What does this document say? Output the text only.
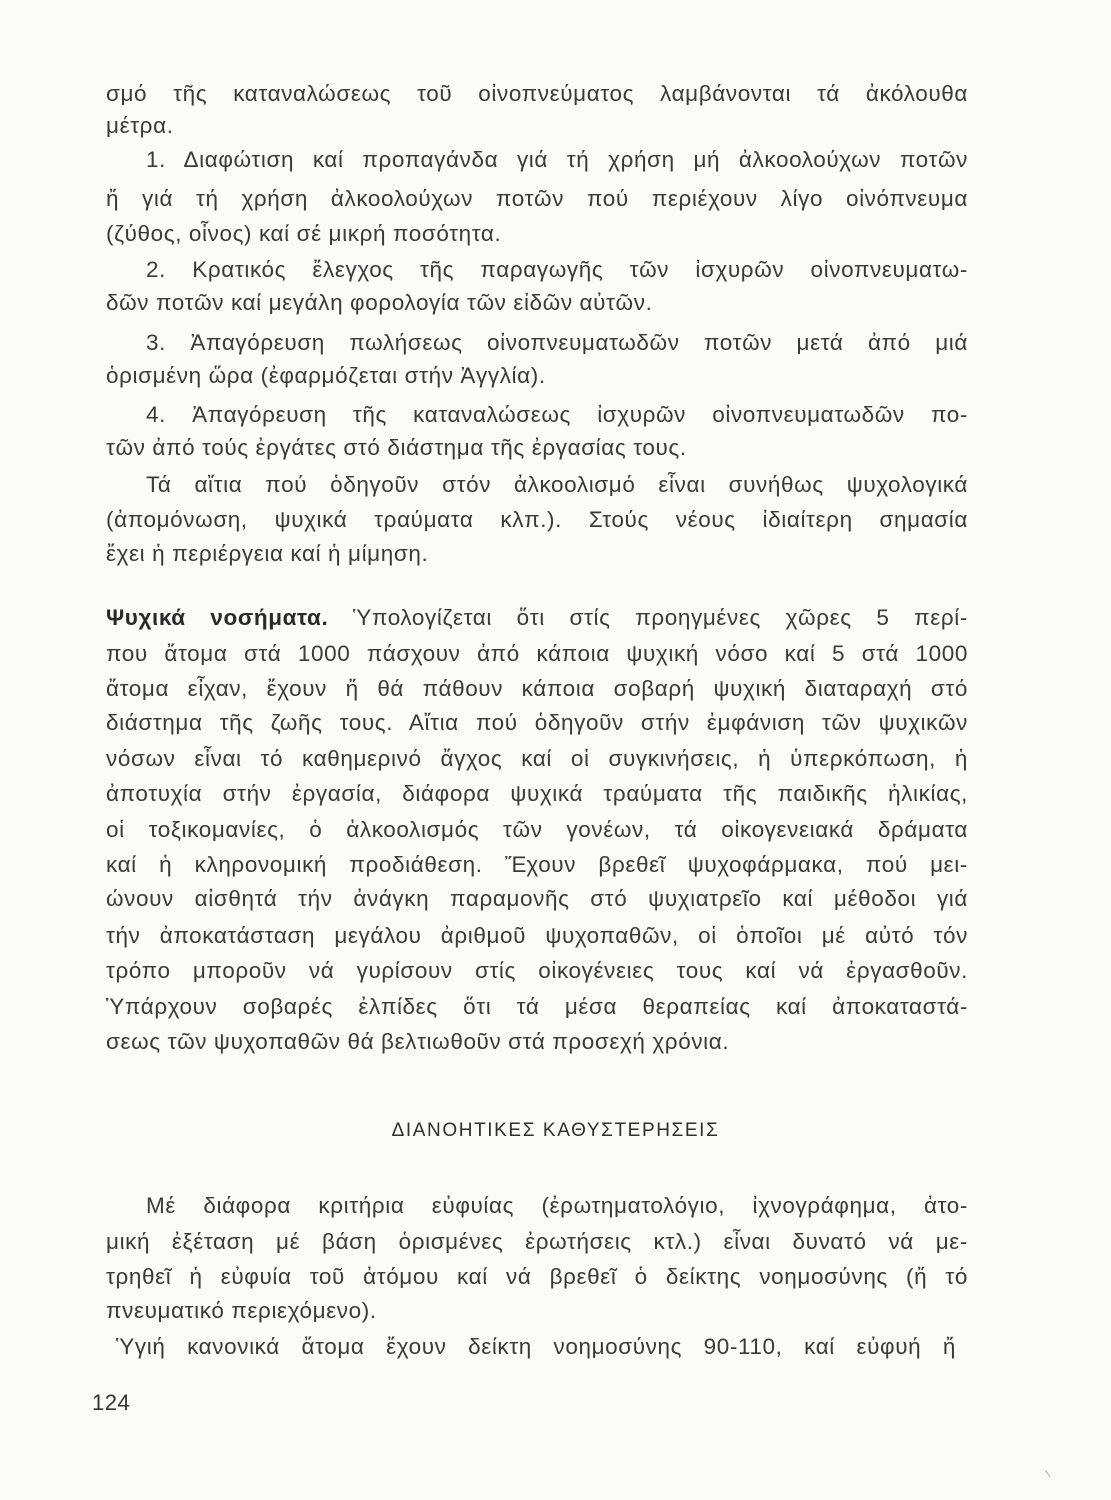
σμό τῆς καταναλώσεως τοῦ οἰνοπνεύματος λαμβάνονται τά ἀκόλουθα
μέτρα.
1. Διαφώτιση καί προπαγάνδα γιά τή χρήση μή ἀλκοολούχων ποτῶν
ἤ γιά τή χρήση ἀλκοολούχων ποτῶν πού περιέχουν λίγο οἰνόπνευμα
(ζύθος, οἶνος) καί σέ μικρή ποσότητα.
2. Κρατικός ἔλεγχος τῆς παραγωγῆς τῶν ἰσχυρῶν οἰνοπνευματω-
δῶν ποτῶν καί μεγάλη φορολογία τῶν εἰδῶν αὐτῶν.
3. Ἀπαγόρευση πωλήσεως οἰνοπνευματωδῶν ποτῶν μετά ἀπό μιά
ὁρισμένη ὥρα (ἐφαρμόζεται στήν Ἀγγλία).
4. Ἀπαγόρευση τῆς καταναλώσεως ἰσχυρῶν οἰνοπνευματωδῶν πο-
τῶν ἀπό τούς ἐργάτες στό διάστημα τῆς ἐργασίας τους.
Τά αἴτια πού ὁδηγοῦν στόν ἀλκοολισμό εἶναι συνήθως ψυχολογικά
(ἀπομόνωση, ψυχικά τραύματα κλπ.). Στούς νέους ἰδιαίτερη σημασία
ἔχει ἡ περιέργεια καί ἡ μίμηση.
Ψυχικά νοσήματα. Ὑπολογίζεται ὅτι στίς προηγμένες χῶρες 5 περί-
που ἄτομα στά 1000 πάσχουν ἀπό κάποια ψυχική νόσο καί 5 στά 1000
ἄτομα εἶχαν, ἔχουν ἤ θά πάθουν κάποια σοβαρή ψυχική διαταραχή στό
διάστημα τῆς ζωῆς τους. Αἴτια πού ὁδηγοῦν στήν ἐμφάνιση τῶν ψυχικῶν
νόσων εἶναι τό καθημερινό ἄγχος καί οἱ συγκινήσεις, ἡ ὑπερκόπωση, ἡ
ἀποτυχία στήν ἐργασία, διάφορα ψυχικά τραύματα τῆς παιδικῆς ἡλικίας,
οἱ τοξικομανίες, ὁ ἀλκοολισμός τῶν γονέων, τά οἰκογενειακά δράματα
καί ἡ κληρονομική προδιάθεση. Ἔχουν βρεθεῖ ψυχοφάρμακα, πού μει-
ώνουν αἰσθητά τήν ἀνάγκη παραμονῆς στό ψυχιατρεῖο καί μέθοδοι γιά
τήν ἀποκατάσταση μεγάλου ἀριθμοῦ ψυχοπαθῶν, οἱ ὁποῖοι μέ αὐτό τόν
τρόπο μποροῦν νά γυρίσουν στίς οἰκογένειες τους καί νά ἐργασθοῦν.
Ὑπάρχουν σοβαρές ἐλπίδες ὅτι τά μέσα θεραπείας καί ἀποκαταστά-
σεως τῶν ψυχοπαθῶν θά βελτιωθοῦν στά προσεχή χρόνια.
ΔΙΑΝΟΗΤΙΚΕΣ ΚΑΘΥΣΤΕΡΗΣΕΙΣ
Μέ διάφορα κριτήρια εὐφυίας (ἐρωτηματολόγιο, ἰχνογράφημα, ἀτο-
μική ἐξέταση μέ βάση ὁρισμένες ἐρωτήσεις κτλ.) εἶναι δυνατό νά με-
τρηθεῖ ἡ εὐφυία τοῦ ἀτόμου καί νά βρεθεῖ ὁ δείκτης νοημοσύνης (ἤ τό
πνευματικό περιεχόμενο).
Ὑγιή κανονικά ἄτομα ἔχουν δείκτη νοημοσύνης 90-110, καί εὐφυή ἤ
124
